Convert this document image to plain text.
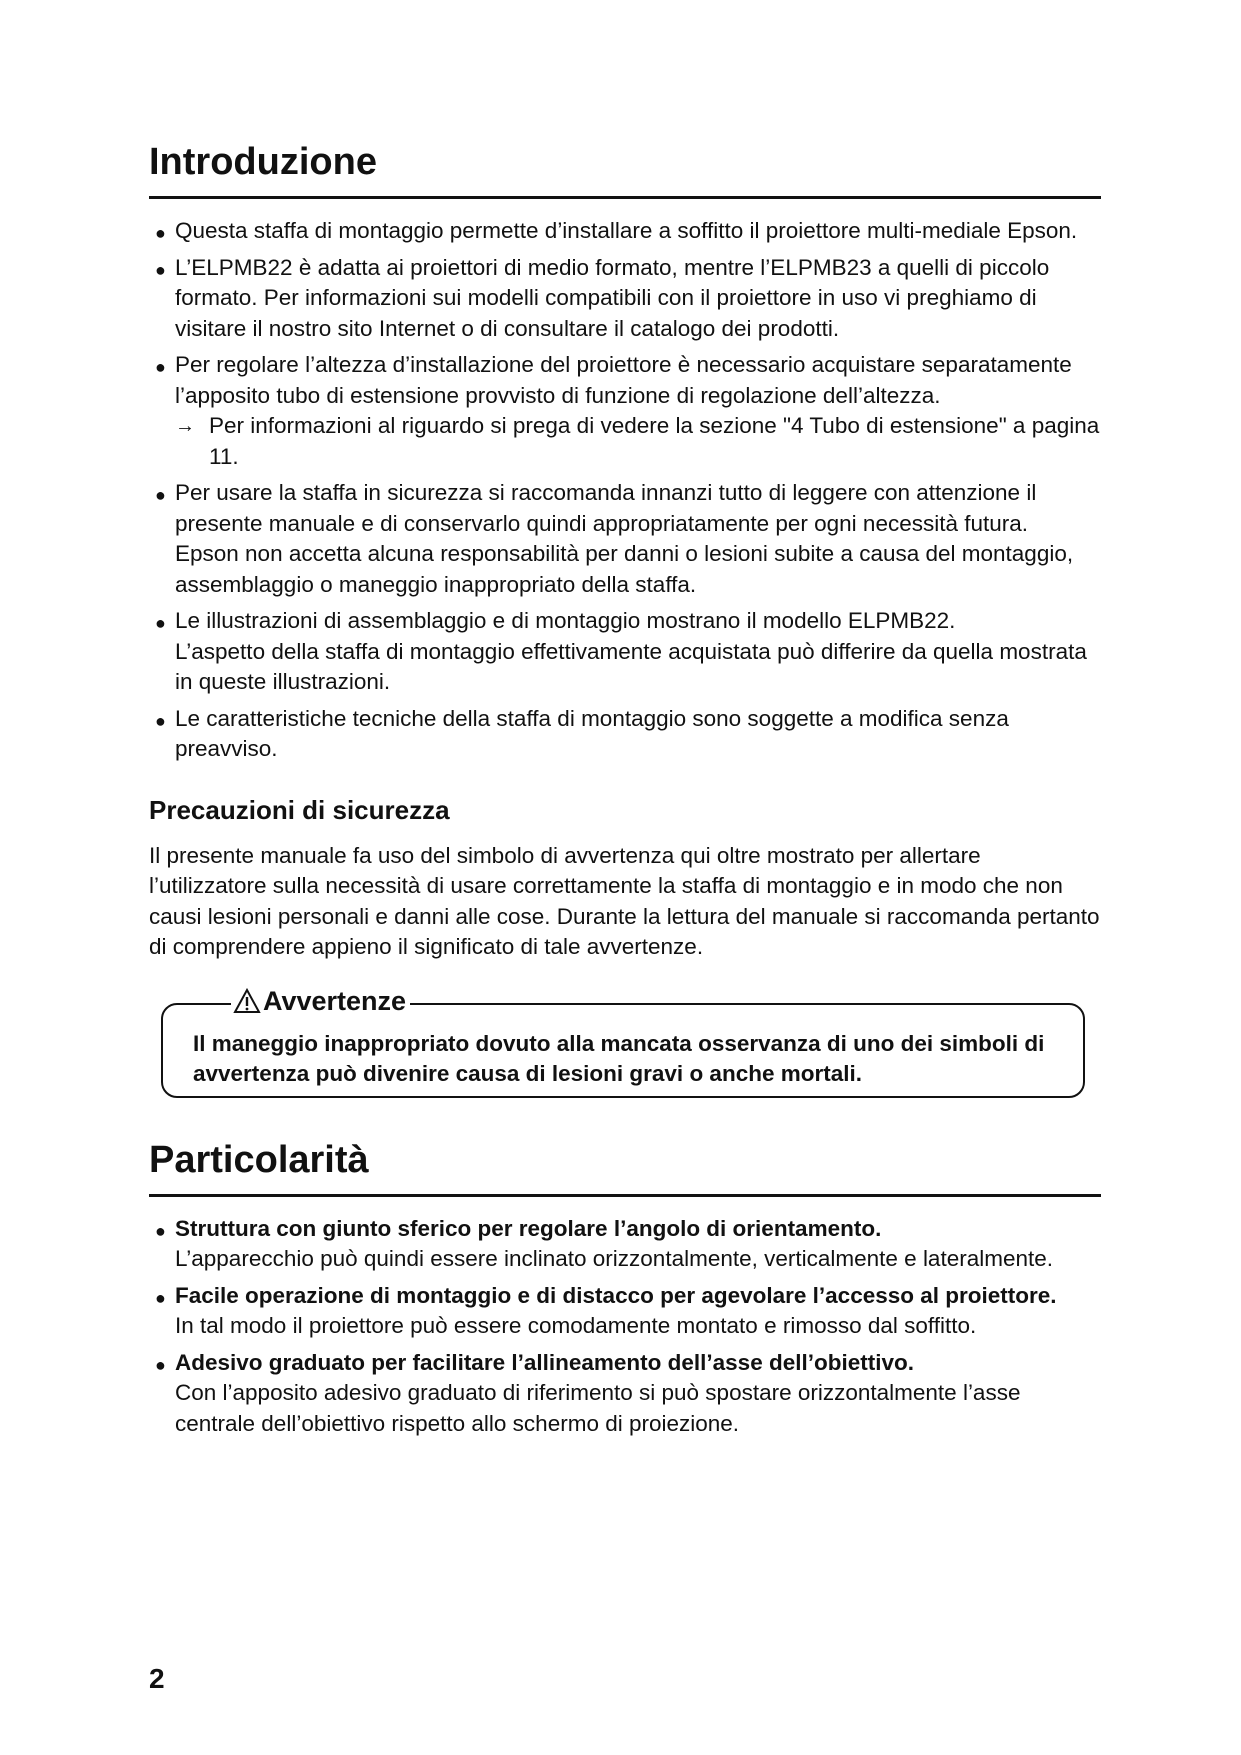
Introduzione
● Questa staffa di montaggio permette d’installare a soffitto il proiettore multi-mediale Epson.

● L’ELPMB22 è adatta ai proiettori di medio formato, mentre l’ELPMB23 a quelli di piccolo formato. Per informazioni sui modelli compatibili con il proiettore in uso vi preghiamo di visitare il nostro sito Internet o di consultare il catalogo dei prodotti.

● Per regolare l’altezza d’installazione del proiettore è necessario acquistare separatamente l’apposito tubo di estensione provvisto di funzione di regolazione dell’altezza.

→ Per informazioni al riguardo si prega di vedere la sezione "4 Tubo di estensione" a pagina 11.

● Per usare la staffa in sicurezza si raccomanda innanzi tutto di leggere con attenzione il presente manuale e di conservarlo quindi appropriatamente per ogni necessità futura.

Epson non accetta alcuna responsabilità per danni o lesioni subite a causa del montaggio, assemblaggio o maneggio inappropriato della staffa.

● Le illustrazioni di assemblaggio e di montaggio mostrano il modello ELPMB22.

L’aspetto della staffa di montaggio effettivamente acquistata può differire da quella mostrata in queste illustrazioni.

● Le caratteristiche tecniche della staffa di montaggio sono soggette a modifica senza preavviso.

Precauzioni di sicurezza

Il presente manuale fa uso del simbolo di avvertenza qui oltre mostrato per allertare l’utilizzatore sulla necessità di usare correttamente la staffa di montaggio e in modo che non causi lesioni personali e danni alle cose. Durante la lettura del manuale si raccomanda pertanto di comprendere appieno il significato di tale avvertenze.

Avvertenze

Il maneggio inappropriato dovuto alla mancata osservanza di uno dei simboli di avvertenza può divenire causa di lesioni gravi o anche mortali.

Particolarità
● Struttura con giunto sferico per regolare l’angolo di orientamento.

L’apparecchio può quindi essere inclinato orizzontalmente, verticalmente e lateralmente.

● Facile operazione di montaggio e di distacco per agevolare l’accesso al proiettore.

In tal modo il proiettore può essere comodamente montato e rimosso dal soffitto.

● Adesivo graduato per facilitare l’allineamento dell’asse dell’obiettivo.

Con l’apposito adesivo graduato di riferimento si può spostare orizzontalmente l’asse centrale dell’obiettivo rispetto allo schermo di proiezione.

2
